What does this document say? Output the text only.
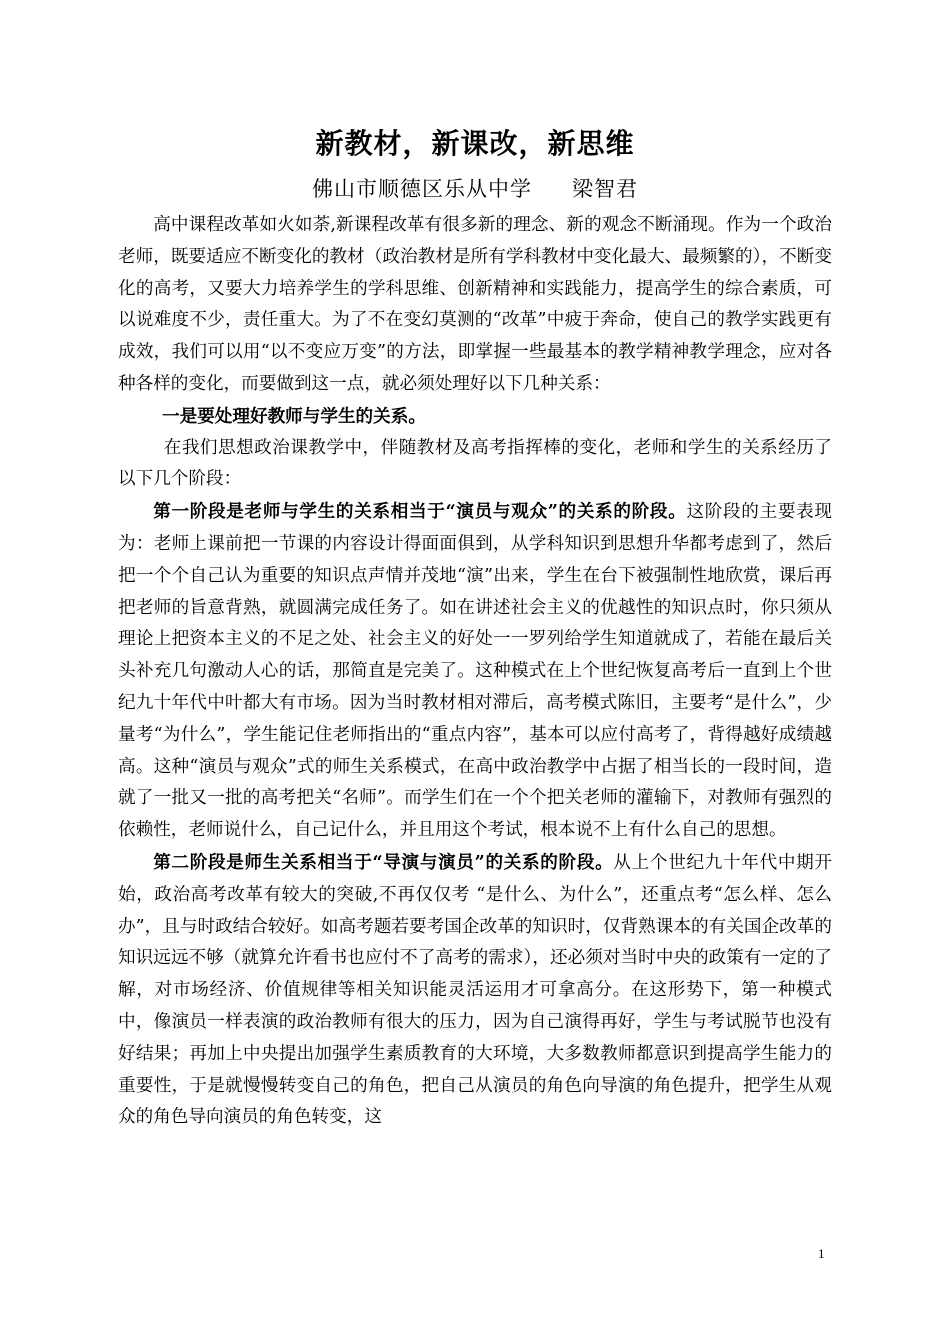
新教材，新课改，新思维
佛山市顺德区乐从中学 梁智君

高中课程改革如火如荼,新课程改革有很多新的理念、新的观念不断涌现。作为一个政治老师，既要适应不断变化的教材（政治教材是所有学科教材中变化最大、最频繁的），不断变化的高考，又要大力培养学生的学科思维、创新精神和实践能力，提高学生的综合素质，可以说难度不少，责任重大。为了不在变幻莫测的“改革”中疲于奔命，使自己的教学实践更有成效，我们可以用“以不变应万变”的方法，即掌握一些最基本的教学精神教学理念，应对各种各样的变化，而要做到这一点，就必须处理好以下几种关系：

一是要处理好教师与学生的关系。

在我们思想政治课教学中，伴随教材及高考指挥棒的变化，老师和学生的关系经历了以下几个阶段：

第一阶段是老师与学生的关系相当于“演员与观众”的关系的阶段。这阶段的主要表现为：老师上课前把一节课的内容设计得面面俱到，从学科知识到思想升华都考虑到了，然后把一个个自己认为重要的知识点声情并茂地“演”出来，学生在台下被强制性地欣赏，课后再把老师的旨意背熟，就圆满完成任务了。如在讲述社会主义的优越性的知识点时，你只须从理论上把资本主义的不足之处、社会主义的好处一一罗列给学生知道就成了，若能在最后关头补充几句激动人心的话，那简直是完美了。这种模式在上个世纪恢复高考后一直到上个世纪九十年代中叶都大有市场。因为当时教材相对滞后，高考模式陈旧，主要考“是什么”，少量考“为什么”，学生能记住老师指出的“重点内容”，基本可以应付高考了，背得越好成绩越高。这种“演员与观众”式的师生关系模式，在高中政治教学中占据了相当长的一段时间，造就了一批又一批的高考把关“名师”。而学生们在一个个把关老师的灌输下，对教师有强烈的依赖性，老师说什么，自己记什么，并且用这个考试，根本说不上有什么自己的思想。

第二阶段是师生关系相当于“导演与演员”的关系的阶段。从上个世纪九十年代中期开始，政治高考改革有较大的突破,不再仅仅考 “是什么、为什么”，还重点考“怎么样、怎么办”，且与时政结合较好。如高考题若要考国企改革的知识时，仅背熟课本的有关国企改革的知识远远不够（就算允许看书也应付不了高考的需求），还必须对当时中央的政策有一定的了解，对市场经济、价值规律等相关知识能灵活运用才可拿高分。在这形势下，第一种模式中，像演员一样表演的政治教师有很大的压力，因为自己演得再好，学生与考试脱节也没有好结果；再加上中央提出加强学生素质教育的大环境，大多数教师都意识到提高学生能力的重要性，于是就慢慢转变自己的角色，把自己从演员的角色向导演的角色提升，把学生从观众的角色导向演员的角色转变，这

1
